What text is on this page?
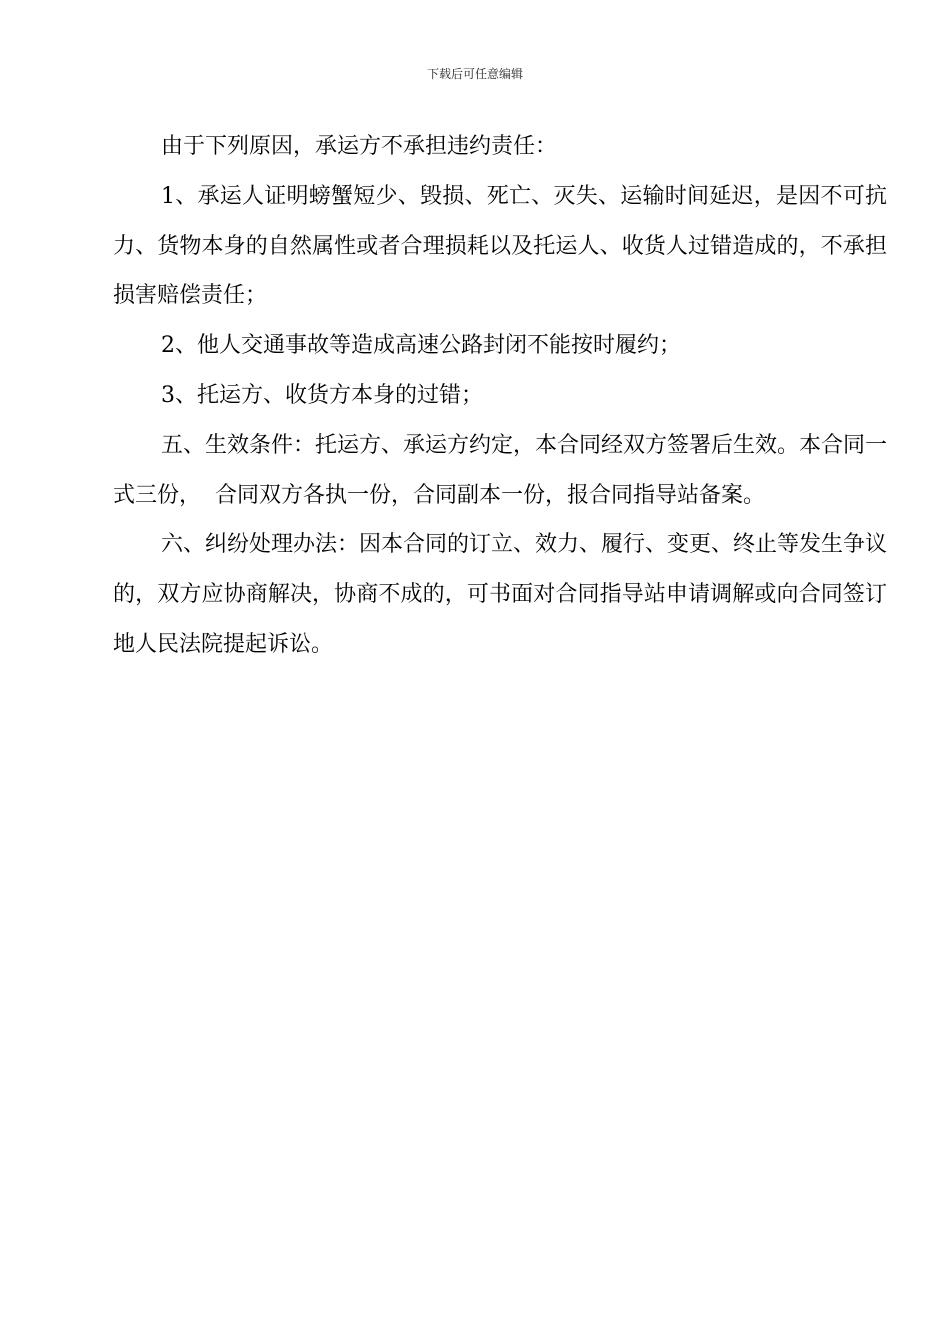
下载后可任意编辑

由于下列原因，承运方不承担违约责任：

1、承运人证明螃蟹短少、毁损、死亡、灭失、运输时间延迟，是因不可抗力、货物本身的自然属性或者合理损耗以及托运人、收货人过错造成的，不承担损害赔偿责任；

2、他人交通事故等造成高速公路封闭不能按时履约；

3、托运方、收货方本身的过错；

五、生效条件：托运方、承运方约定，本合同经双方签署后生效。本合同一式三份，  合同双方各执一份，合同副本一份，报合同指导站备案。

六、纠纷处理办法：因本合同的订立、效力、履行、变更、终止等发生争议的，双方应协商解决，协商不成的，可书面对合同指导站申请调解或向合同签订地人民法院提起诉讼。
